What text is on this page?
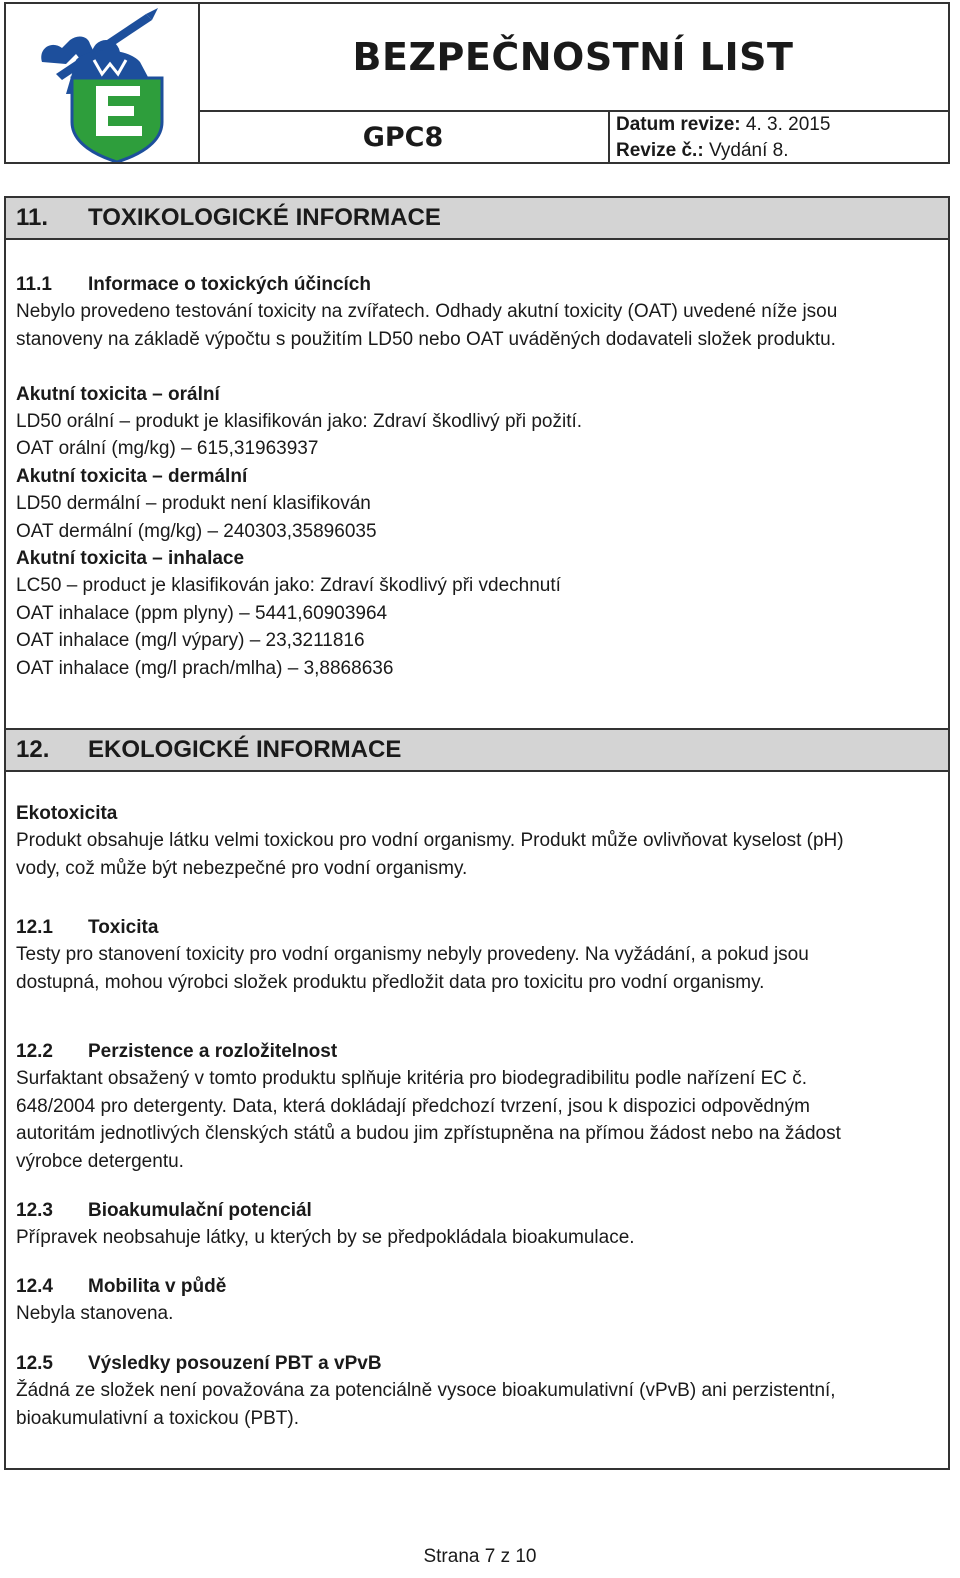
BEZPEČNOSTNÍ LIST
GPC8	Datum revize: 4. 3. 2015
Revize č.: Vydání 8.
11. TOXIKOLOGICKÉ INFORMACE
11.1 Informace o toxických účincích
Nebylo provedeno testování toxicity na zvířatech. Odhady akutní toxicity (OAT) uvedené níže jsou
stanoveny na základě výpočtu s použitím LD50 nebo OAT uváděných dodavateli složek produktu.
Akutní toxicita – orální
LD50 orální – produkt je klasifikován jako: Zdraví škodlivý při požití.
OAT orální (mg/kg) – 615,31963937
Akutní toxicita – dermální
LD50 dermální – produkt není klasifikován
OAT dermální (mg/kg) – 240303,35896035
Akutní toxicita – inhalace
LC50 – product je klasifikován jako: Zdraví škodlivý při vdechnutí
OAT inhalace (ppm plyny) – 5441,60903964
OAT inhalace (mg/l výpary) – 23,3211816
OAT inhalace (mg/l prach/mlha) – 3,8868636
12. EKOLOGICKÉ INFORMACE
Ekotoxicita
Produkt obsahuje látku velmi toxickou pro vodní organismy. Produkt může ovlivňovat kyselost (pH)
vody, což může být nebezpečné pro vodní organismy.
12.1 Toxicita
Testy pro stanovení toxicity pro vodní organismy nebyly provedeny. Na vyžádání, a pokud jsou
dostupná, mohou výrobci složek produktu předložit data pro toxicitu pro vodní organismy.
12.2 Perzistence a rozložitelnost
Surfaktant obsažený v tomto produktu splňuje kritéria pro biodegradibilitu podle nařízení EC č.
648/2004 pro detergenty. Data, která dokládají předchozí tvrzení, jsou k dispozici odpovědným
autoritám jednotlivých členských států a budou jim zpřístupněna na přímou žádost nebo na žádost
výrobce detergentu.
12.3 Bioakumulační potenciál
Přípravek neobsahuje látky, u kterých by se předpokládala bioakumulace.
12.4 Mobilita v půdě
Nebyla stanovena.
12.5 Výsledky posouzení PBT a vPvB
Žádná ze složek není považována za potenciálně vysoce bioakumulativní (vPvB) ani perzistentní,
bioakumulativní a toxickou (PBT).
Strana 7 z 10
